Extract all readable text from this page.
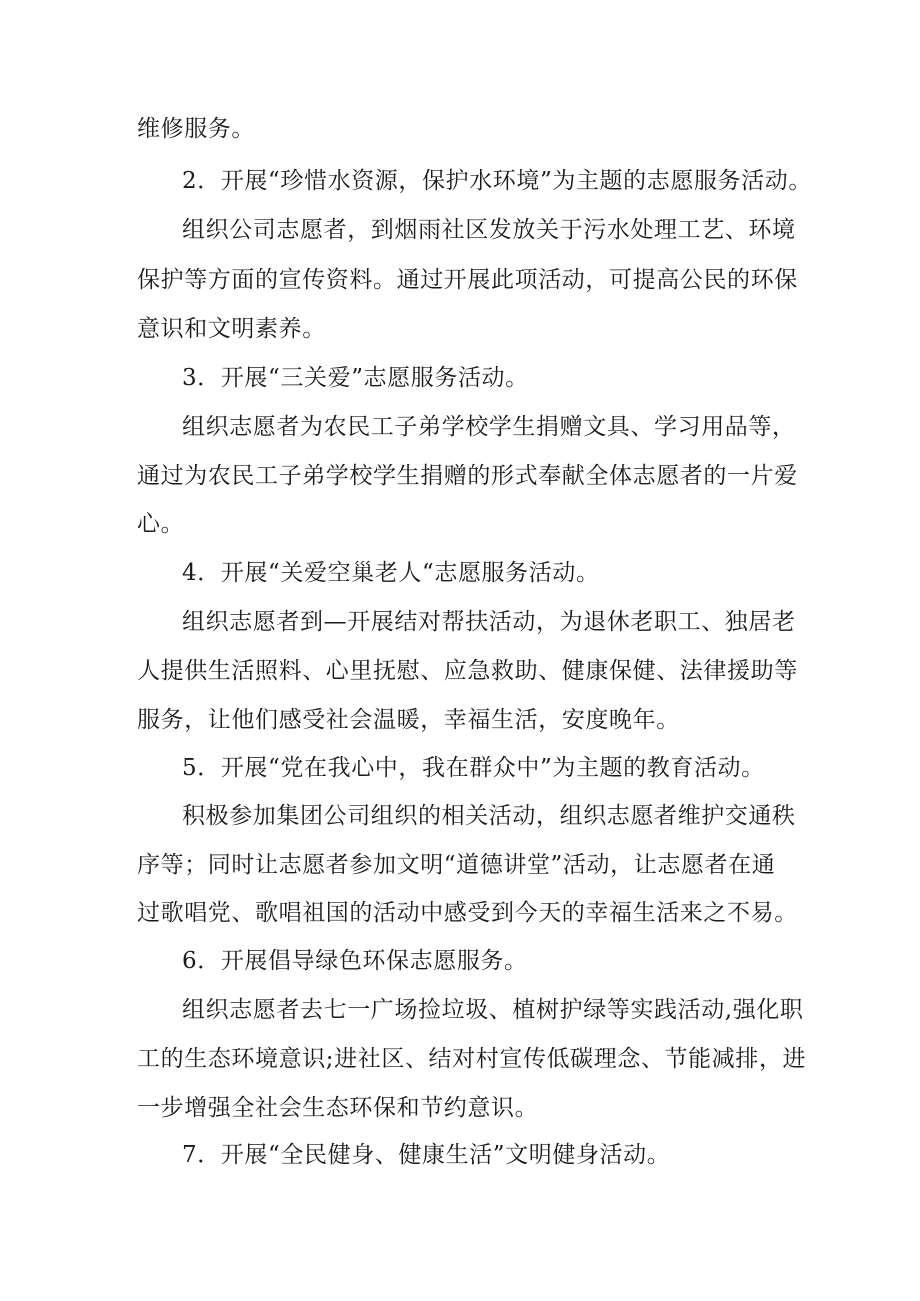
维修服务。
2．开展“珍惜水资源，保护水环境”为主题的志愿服务活动。
组织公司志愿者，到烟雨社区发放关于污水处理工艺、环境
保护等方面的宣传资料。通过开展此项活动，可提高公民的环保
意识和文明素养。
3．开展“三关爱”志愿服务活动。
组织志愿者为农民工子弟学校学生捐赠文具、学习用品等，
通过为农民工子弟学校学生捐赠的形式奉献全体志愿者的一片爱
心。
4．开展“关爱空巢老人“志愿服务活动。
组织志愿者到—开展结对帮扶活动，为退休老职工、独居老
人提供生活照料、心里抚慰、应急救助、健康保健、法律援助等
服务，让他们感受社会温暖，幸福生活，安度晚年。
5．开展“党在我心中，我在群众中”为主题的教育活动。
积极参加集团公司组织的相关活动，组织志愿者维护交通秩
序等；同时让志愿者参加文明“道德讲堂”活动，让志愿者在通
过歌唱党、歌唱祖国的活动中感受到今天的幸福生活来之不易。
6．开展倡导绿色环保志愿服务。
组织志愿者去七一广场捡垃圾、植树护绿等实践活动,强化职
工的生态环境意识;进社区、结对村宣传低碳理念、节能减排，进
一步增强全社会生态环保和节约意识。
7．开展“全民健身、健康生活”文明健身活动。
